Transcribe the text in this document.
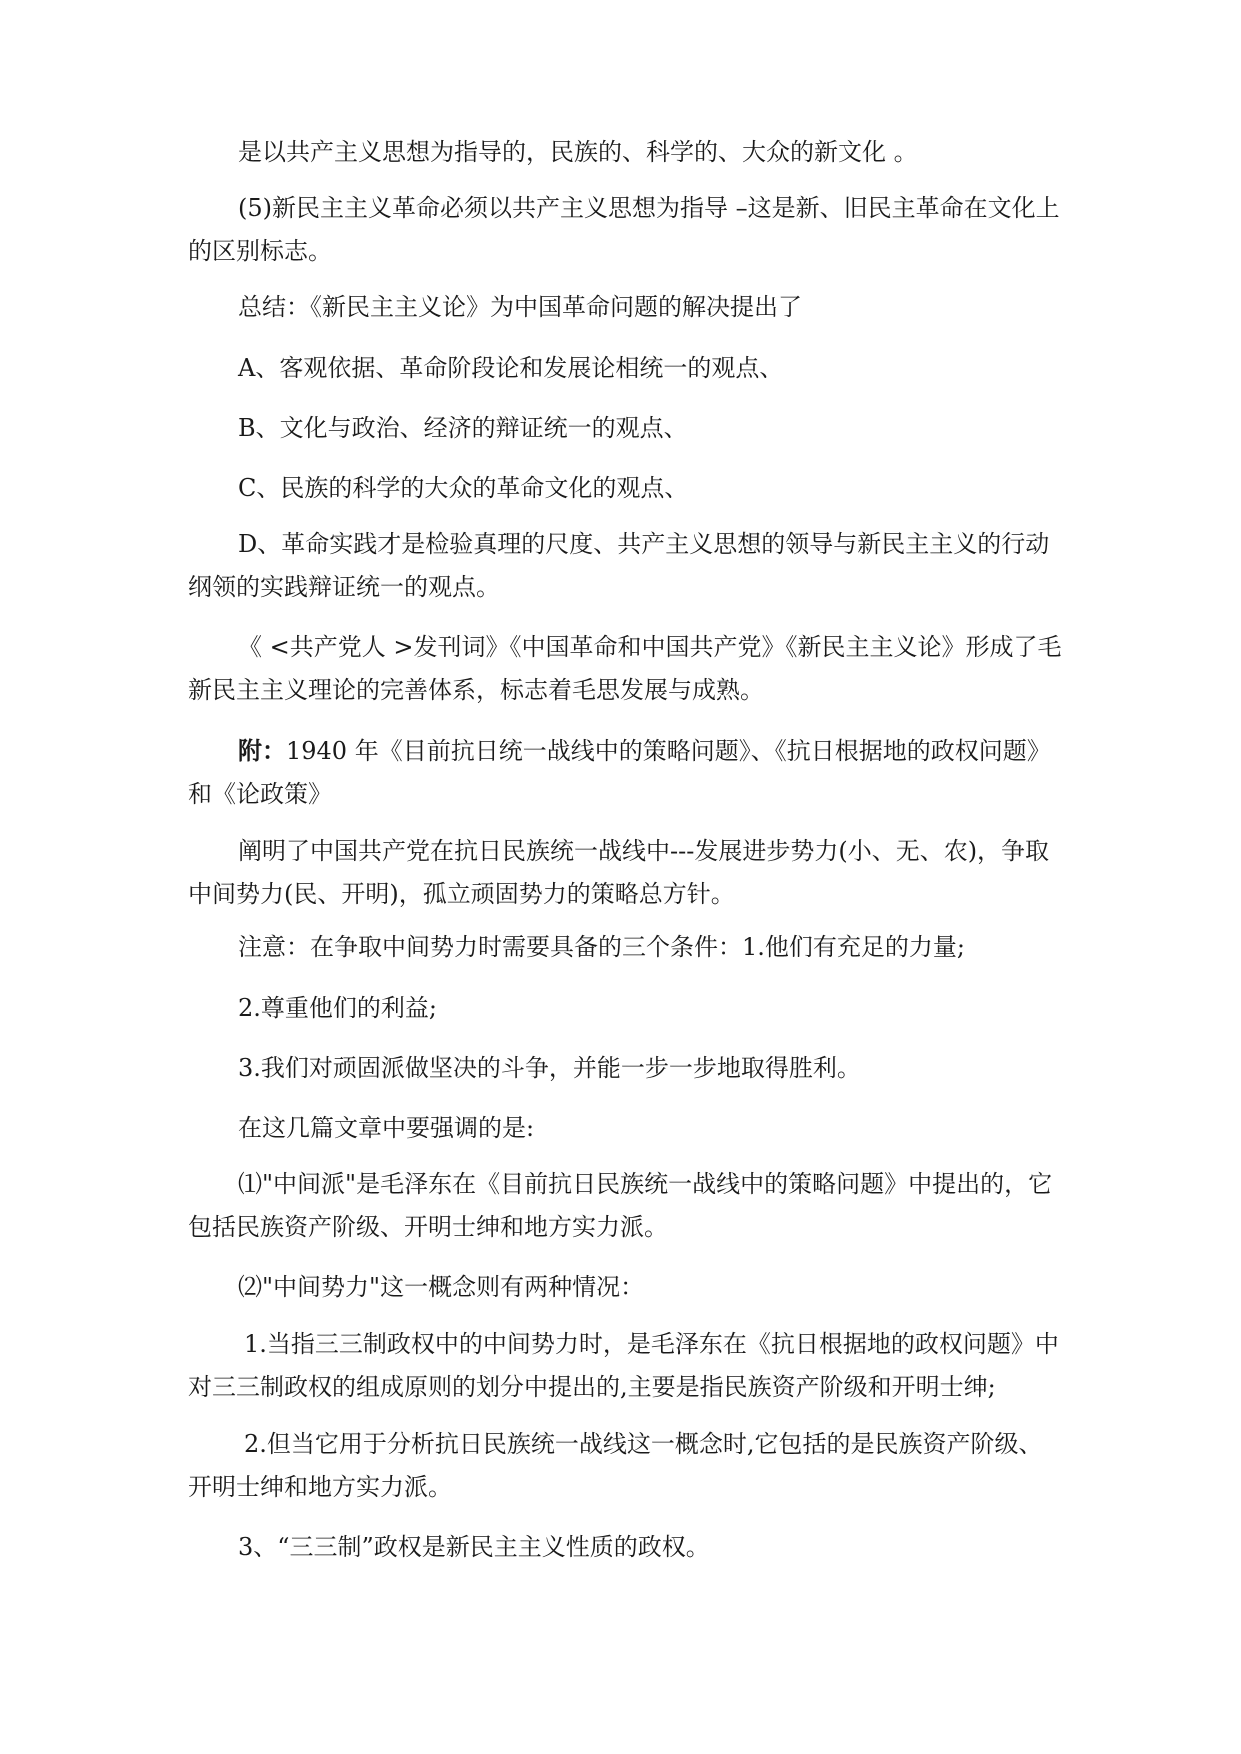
是以共产主义思想为指导的，民族的、科学的、大众的新文化 。

(5)新民主主义革命必须以共产主义思想为指导 –这是新、旧民主革命在文化上的区别标志。

总结：《新民主主义论》为中国革命问题的解决提出了

A、客观依据、革命阶段论和发展论相统一的观点、

B、文化与政治、经济的辩证统一的观点、

C、民族的科学的大众的革命文化的观点、

D、革命实践才是检验真理的尺度、共产主义思想的领导与新民主主义的行动纲领的实践辩证统一的观点。

《 <共产党人 >发刊词》《中国革命和中国共产党》《新民主主义论》形成了毛新民主主义理论的完善体系，标志着毛思发展与成熟。

附：1940 年《目前抗日统一战线中的策略问题》、《抗日根据地的政权问题》和《论政策》

阐明了中国共产党在抗日民族统一战线中---发展进步势力(小、无、农)，争取中间势力(民、开明)，孤立顽固势力的策略总方针。

注意：在争取中间势力时需要具备的三个条件：1.他们有充足的力量;

2.尊重他们的利益;

3.我们对顽固派做坚决的斗争，并能一步一步地取得胜利。

在这几篇文章中要强调的是:

⑴"中间派"是毛泽东在《目前抗日民族统一战线中的策略问题》中提出的，它包括民族资产阶级、开明士绅和地方实力派。

⑵"中间势力"这一概念则有两种情况：

1.当指三三制政权中的中间势力时，是毛泽东在《抗日根据地的政权问题》中对三三制政权的组成原则的划分中提出的,主要是指民族资产阶级和开明士绅;

2.但当它用于分析抗日民族统一战线这一概念时,它包括的是民族资产阶级、开明士绅和地方实力派。

3、“三三制”政权是新民主主义性质的政权。
